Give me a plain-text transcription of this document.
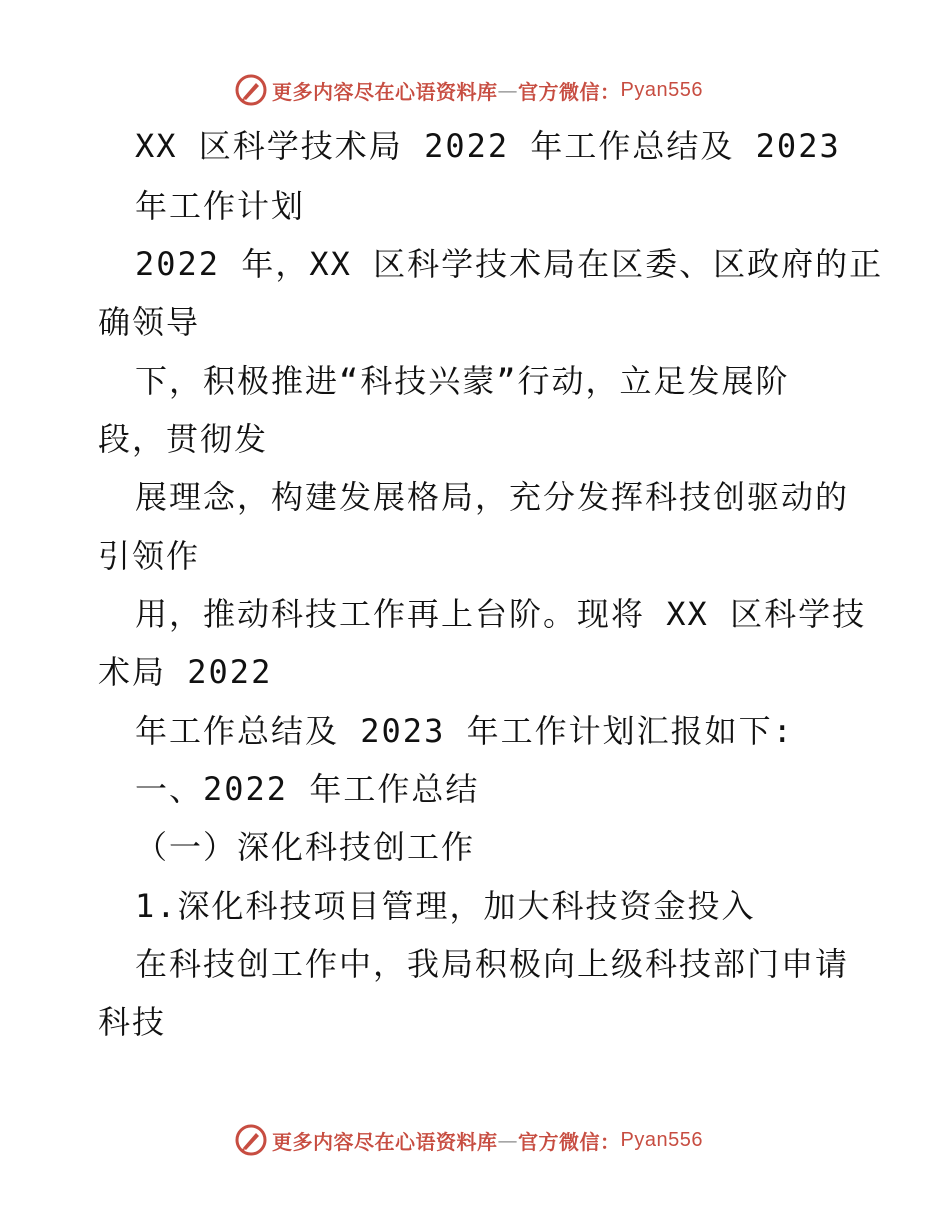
更多内容尽在心语资料库 — 官方微信： Pyan556
XX 区科学技术局 2022 年工作总结及 2023
年工作计划
2022 年，XX 区科学技术局在区委、区政府的正
确领导
下，积极推进“科技兴蒙”行动，立足发展阶
段，贯彻发
展理念，构建发展格局，充分发挥科技创驱动的
引领作
用，推动科技工作再上台阶。现将 XX 区科学技
术局 2022
年工作总结及 2023 年工作计划汇报如下:
一、2022 年工作总结
（一）深化科技创工作
1.深化科技项目管理，加大科技资金投入
在科技创工作中，我局积极向上级科技部门申请
科技
更多内容尽在心语资料库 — 官方微信： Pyan556
